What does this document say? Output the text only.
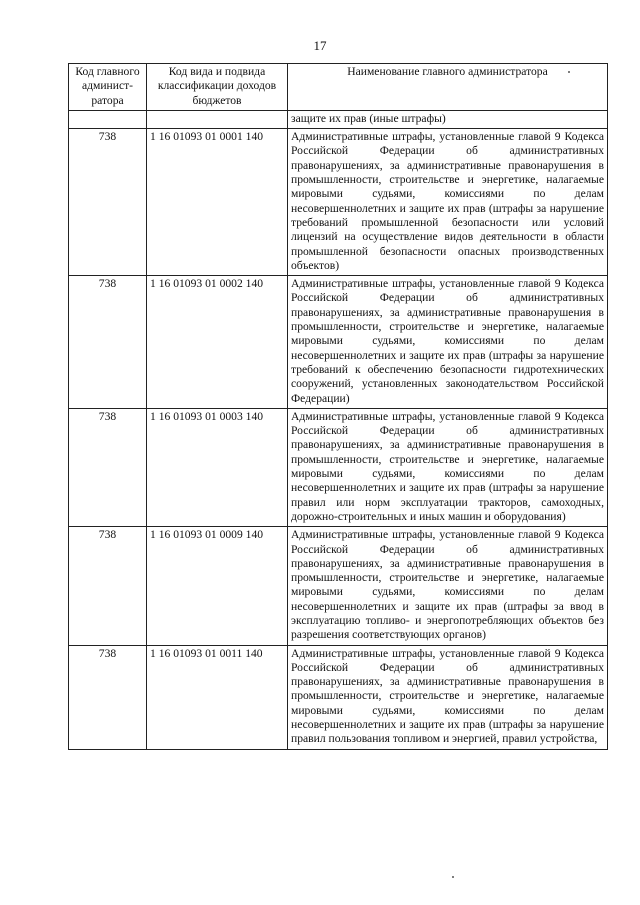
17
Код главного админист-ратора	Код вида и подвида классификации доходов бюджетов	Наименование главного администратора
		защите их прав (иные штрафы)
738	1 16 01093 01 0001 140	Административные штрафы, установленные главой 9 Кодекса Российской Федерации об административных правонарушениях, за административные правонарушения в промышленности, строительстве и энергетике, налагаемые мировыми судьями, комиссиями по делам несовершеннолетних и защите их прав (штрафы за нарушение требований промышленной безопасности или условий лицензий на осуществление видов деятельности в области промышленной безопасности опасных производственных объектов)
738	1 16 01093 01 0002 140	Административные штрафы, установленные главой 9 Кодекса Российской Федерации об административных правонарушениях, за административные правонарушения в промышленности, строительстве и энергетике, налагаемые мировыми судьями, комиссиями по делам несовершеннолетних и защите их прав (штрафы за нарушение требований к обеспечению безопасности гидротехнических сооружений, установленных законодательством Российской Федерации)
738	1 16 01093 01 0003 140	Административные штрафы, установленные главой 9 Кодекса Российской Федерации об административных правонарушениях, за административные правонарушения в промышленности, строительстве и энергетике, налагаемые мировыми судьями, комиссиями по делам несовершеннолетних и защите их прав (штрафы за нарушение правил или норм эксплуатации тракторов, самоходных, дорожно-строительных и иных машин и оборудования)
738	1 16 01093 01 0009 140	Административные штрафы, установленные главой 9 Кодекса Российской Федерации об административных правонарушениях, за административные правонарушения в промышленности, строительстве и энергетике, налагаемые мировыми судьями, комиссиями по делам несовершеннолетних и защите их прав (штрафы за ввод в эксплуатацию топливо- и энергопотребляющих объектов без разрешения соответствующих органов)
738	1 16 01093 01 0011 140	Административные штрафы, установленные главой 9 Кодекса Российской Федерации об административных правонарушениях, за административные правонарушения в промышленности, строительстве и энергетике, налагаемые мировыми судьями, комиссиями по делам несовершеннолетних и защите их прав (штрафы за нарушение правил пользования топливом и энергией, правил устройства,
